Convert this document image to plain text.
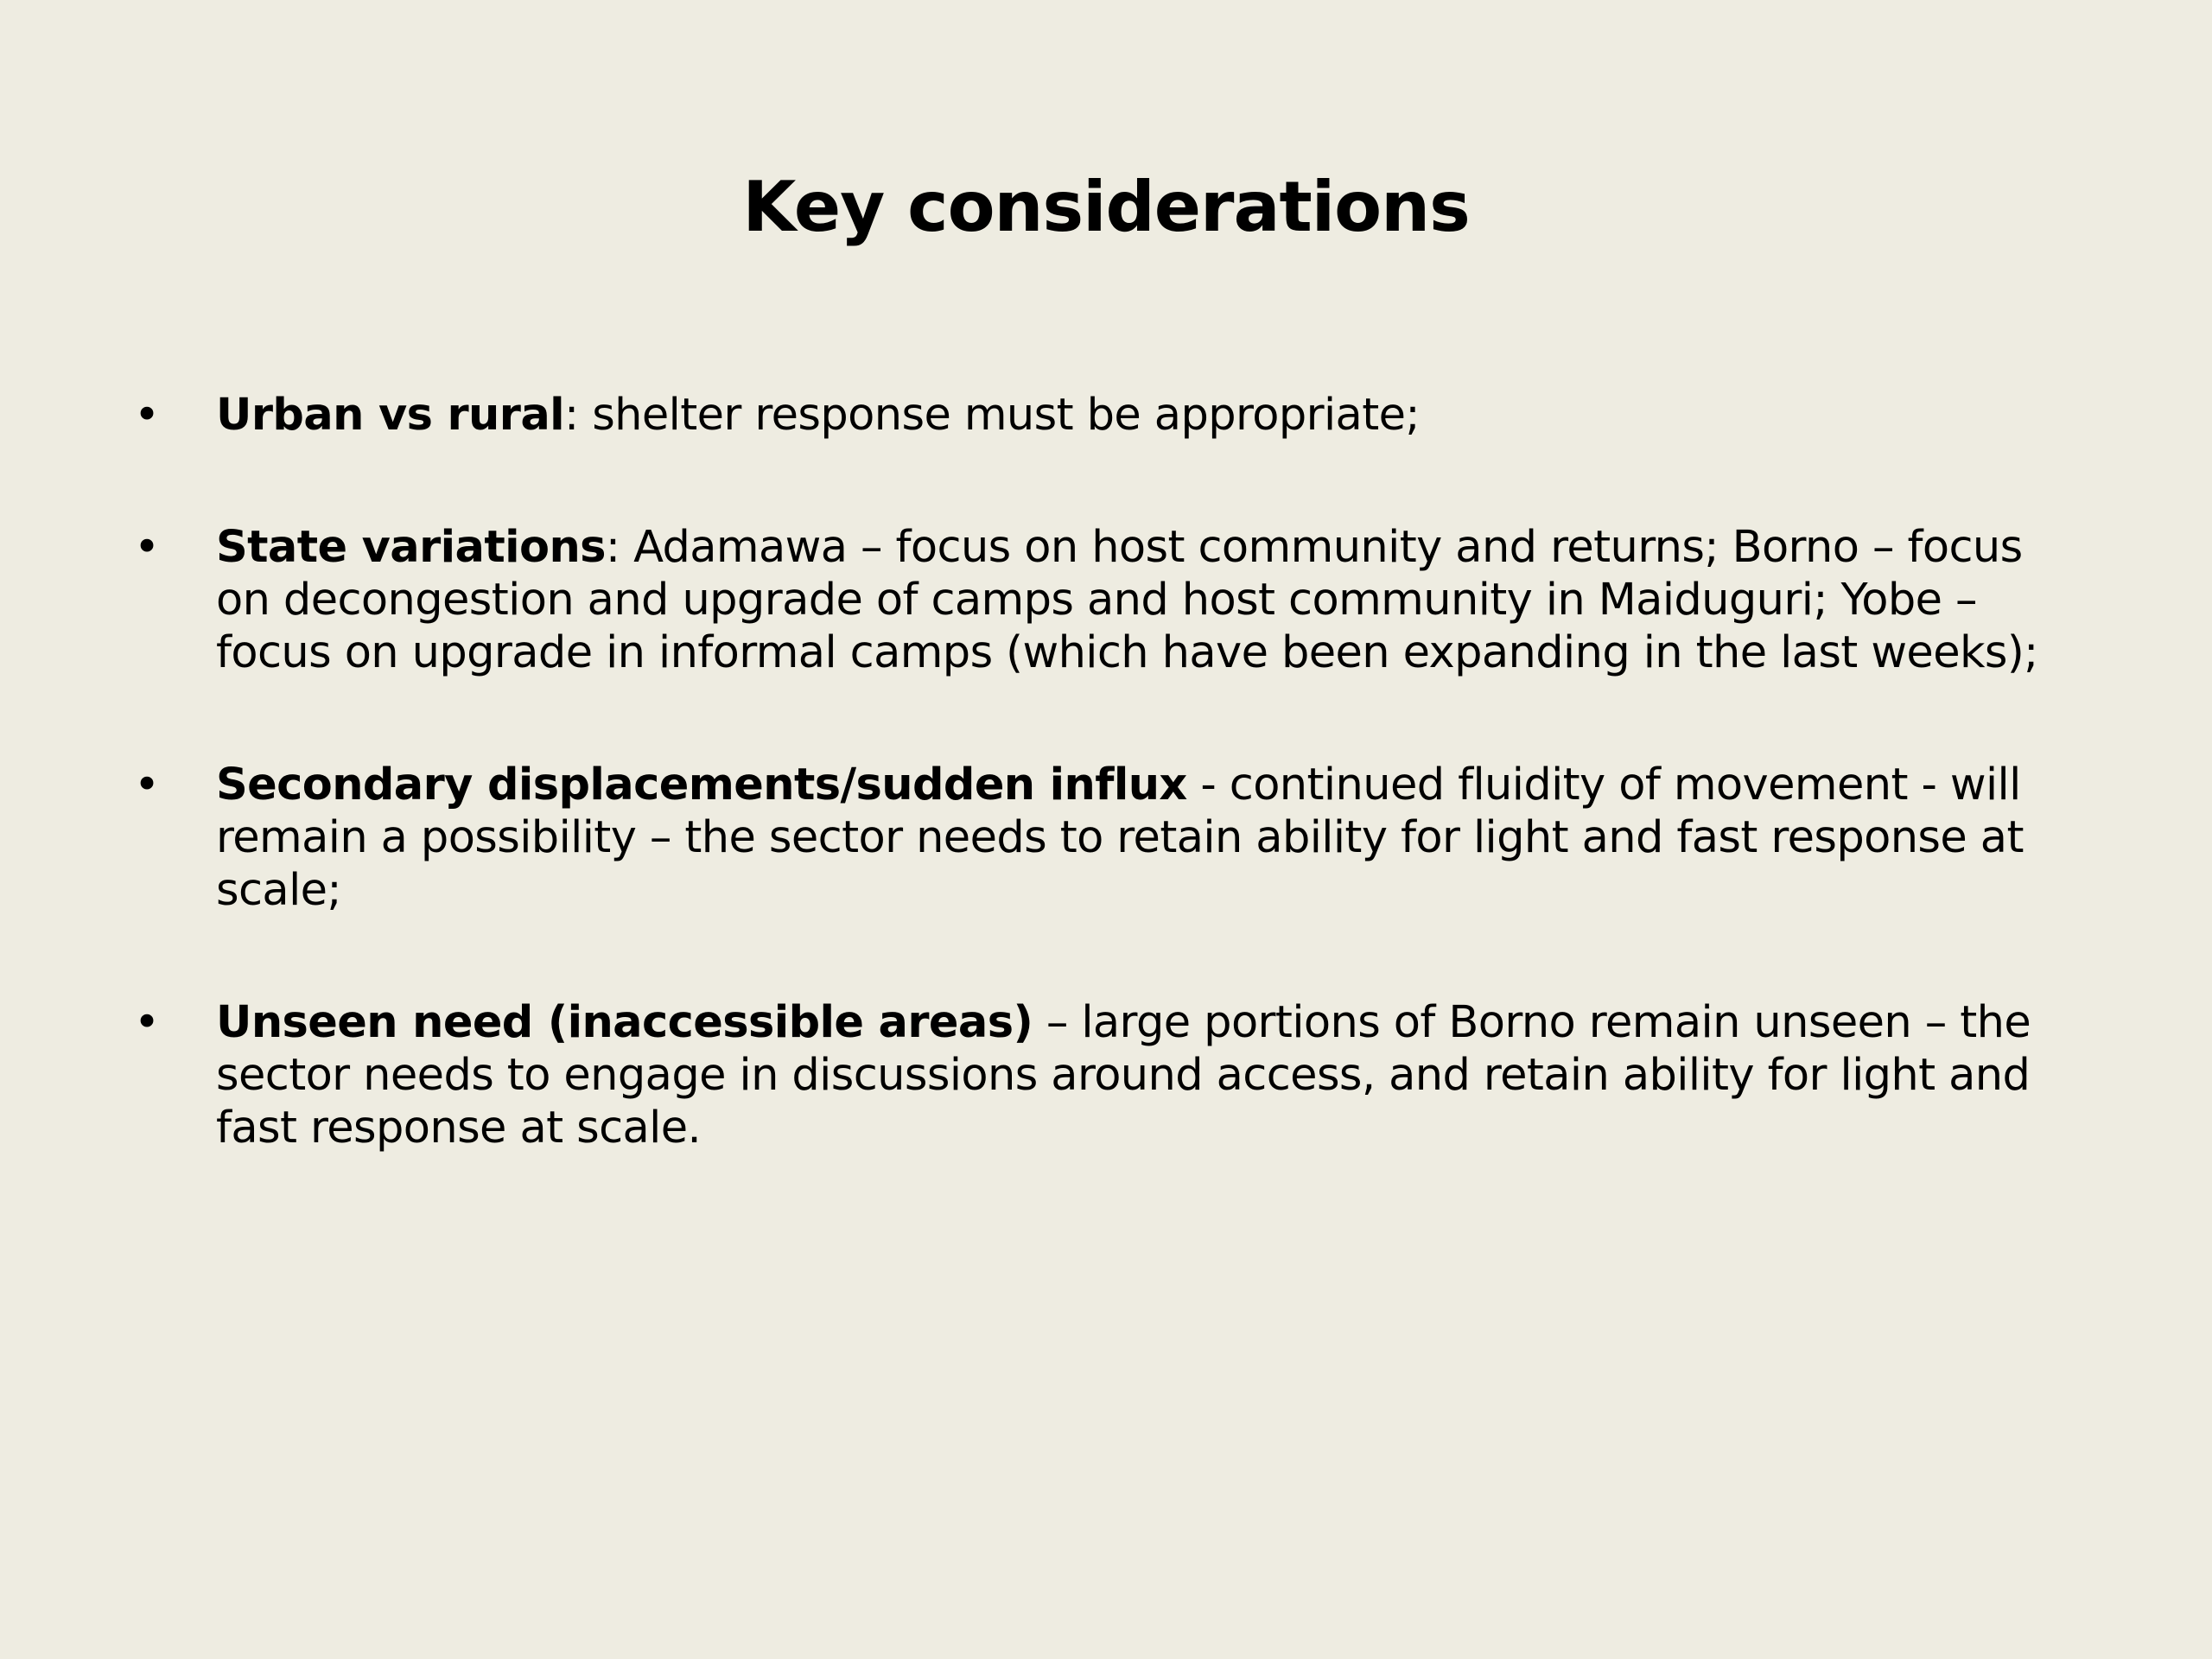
Key considerations
• Urban vs rural: shelter response must be appropriate;
• State variations: Adamawa – focus on host community and returns; Borno – focus on decongestion and upgrade of camps and host community in Maiduguri; Yobe – focus on upgrade in informal camps (which have been expanding in the last weeks);
• Secondary displacements/sudden influx - continued fluidity of movement - will remain a possibility – the sector needs to retain ability for light and fast response at scale;
• Unseen need (inaccessible areas) – large portions of Borno remain unseen – the sector needs to engage in discussions around access, and retain ability for light and fast response at scale.
